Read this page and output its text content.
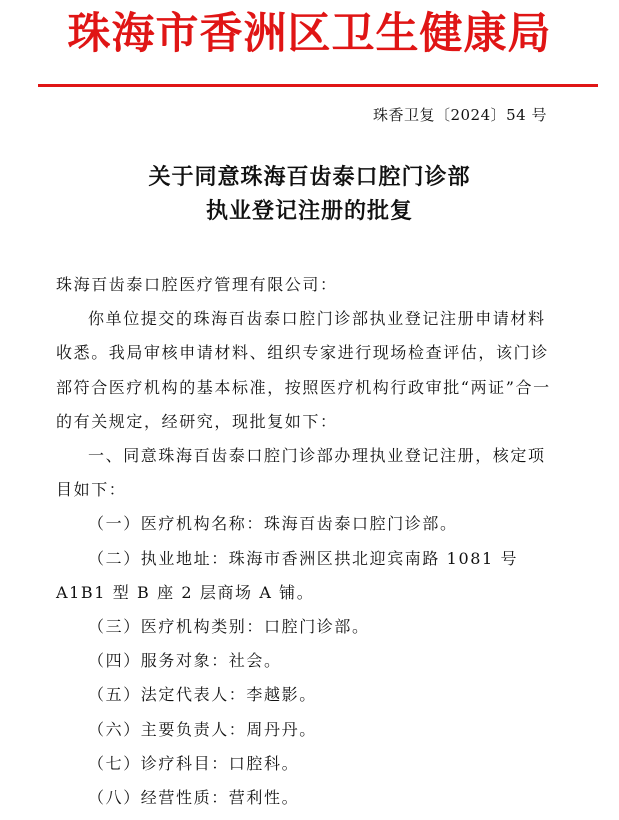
珠海市香洲区卫生健康局
珠香卫复〔2024〕54 号
关于同意珠海百齿泰口腔门诊部
执业登记注册的批复

珠海百齿泰口腔医疗管理有限公司：

你单位提交的珠海百齿泰口腔门诊部执业登记注册申请材料收悉。我局审核申请材料、组织专家进行现场检查评估，该门诊部符合医疗机构的基本标准，按照医疗机构行政审批“两证”合一的有关规定，经研究，现批复如下：

一、同意珠海百齿泰口腔门诊部办理执业登记注册，核定项目如下：

（一）医疗机构名称：珠海百齿泰口腔门诊部。

（二）执业地址：珠海市香洲区拱北迎宾南路 1081 号 A1B1 型 B 座 2 层商场 A 铺。

（三）医疗机构类别：口腔门诊部。

（四）服务对象：社会。

（五）法定代表人：李越影。

（六）主要负责人：周丹丹。

（七）诊疗科目：口腔科。

（八）经营性质：营利性。
